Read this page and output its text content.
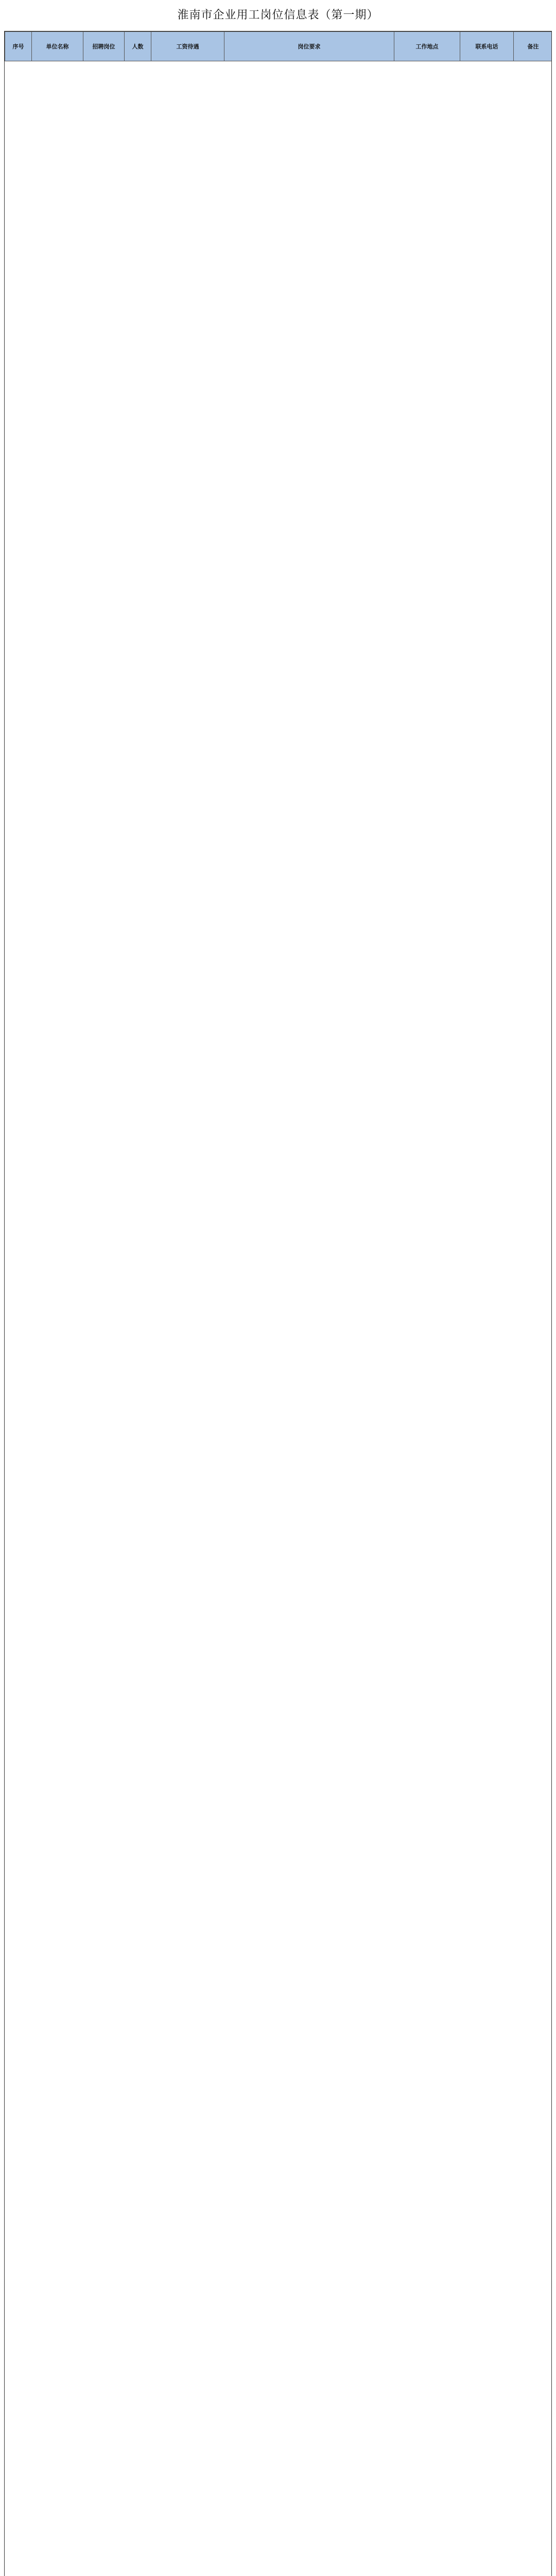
淮南市企业用工岗位信息表（第一期）
序号	单位名称	招聘岗位	人数	工资待遇	岗位要求	工作地点	联系电话	备注
